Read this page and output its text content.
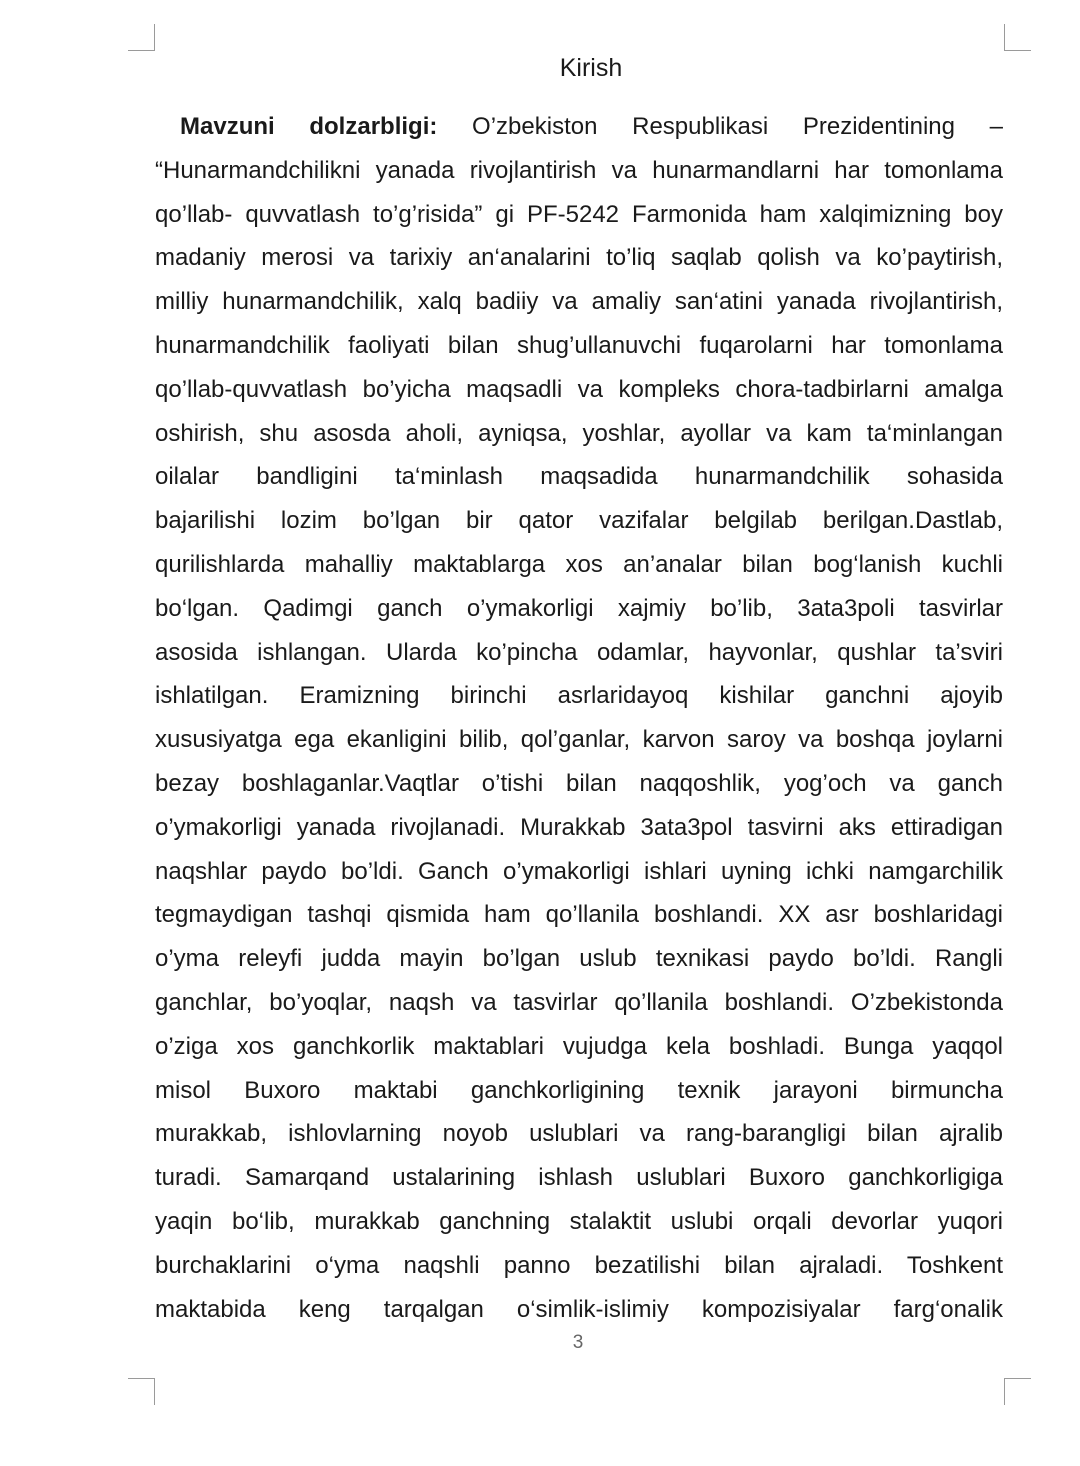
Kirish
Mavzuni dolzarbligi: O’zbekiston Respublikasi Prezidentining –
“Hunarmandchilikni yanada rivojlantirish va hunarmandlarni har tomonlama
qo’llab- quvvatlash to’g’risida” gi PF-5242 Farmonida ham xalqimizning boy
madaniy merosi va tarixiy an‘analarini to’liq saqlab qolish va ko’paytirish,
milliy hunarmandchilik, xalq badiiy va amaliy san‘atini yanada rivojlantirish,
hunarmandchilik faoliyati bilan shug’ullanuvchi fuqarolarni har tomonlama
qo’llab-quvvatlash bo’yicha maqsadli va kompleks chora-tadbirlarni amalga
oshirish, shu asosda aholi, ayniqsa, yoshlar, ayollar va kam ta‘minlangan
oilalar bandligini ta‘minlash maqsadida hunarmandchilik sohasida
bajarilishi lozim bo’lgan bir qator vazifalar belgilab berilgan.Dastlab,
qurilishlarda mahalliy maktablarga xos an’analar bilan bog‘lanish kuchli
bo‘lgan. Qadimgi ganch o’ymakorligi xajmiy bo’lib, 3ata3poli tasvirlar
asosida ishlangan. Ularda ko’pincha odamlar, hayvonlar, qushlar ta’sviri
ishlatilgan. Eramizning birinchi asrlaridayoq kishilar ganchni ajoyib
xususiyatga ega ekanligini bilib, qol’ganlar, karvon saroy va boshqa joylarni
bezay boshlaganlar.Vaqtlar o’tishi bilan naqqoshlik, yog’och va ganch
o’ymakorligi yanada rivojlanadi. Murakkab 3ata3pol tasvirni aks ettiradigan
naqshlar paydo bo’ldi. Ganch o’ymakorligi ishlari uyning ichki namgarchilik
tegmaydigan tashqi qismida ham qo’llanila boshlandi. XX asr boshlaridagi
o’yma releyfi judda mayin bo’lgan uslub texnikasi paydo bo’ldi. Rangli
ganchlar, bo’yoqlar, naqsh va tasvirlar qo’llanila boshlandi. O’zbekistonda
o’ziga xos ganchkorlik maktablari vujudga kela boshladi. Bunga yaqqol
misol Buxoro maktabi ganchkorligining texnik jarayoni birmuncha
murakkab, ishlovlarning noyob uslublari va rang-barangligi bilan ajralib
turadi. Samarqand ustalarining ishlash uslublari Buxoro ganchkorligiga
yaqin bo‘lib, murakkab ganchning stalaktit uslubi orqali devorlar yuqori
burchaklarini o‘yma naqshli panno bezatilishi bilan ajraladi. Toshkent
maktabida keng tarqalgan o‘simlik-islimiy kompozisiyalar farg‘onalik
3
